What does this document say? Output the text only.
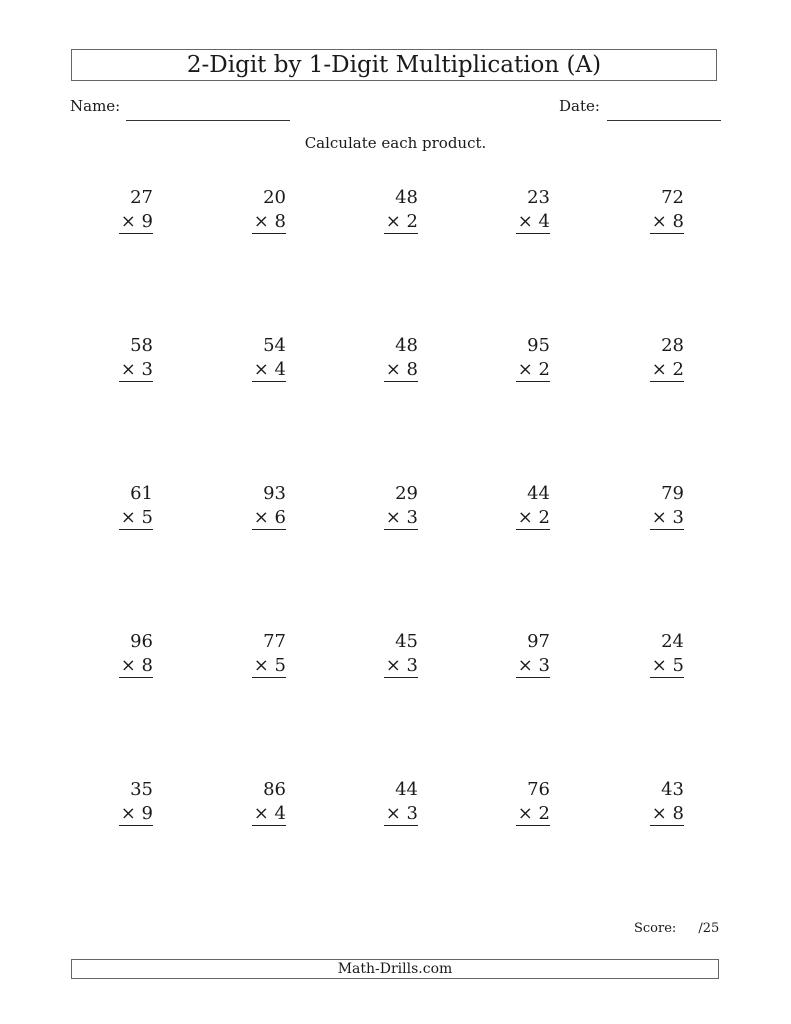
2-Digit by 1-Digit Multiplication (A)
Name:	Date:
Calculate each product.
27
× 9
20
× 8
48
× 2
23
× 4
72
× 8
58
× 3
54
× 4
48
× 8
95
× 2
28
× 2
61
× 5
93
× 6
29
× 3
44
× 2
79
× 3
96
× 8
77
× 5
45
× 3
97
× 3
24
× 5
35
× 9
86
× 4
44
× 3
76
× 2
43
× 8
Score: /25
Math-Drills.com
